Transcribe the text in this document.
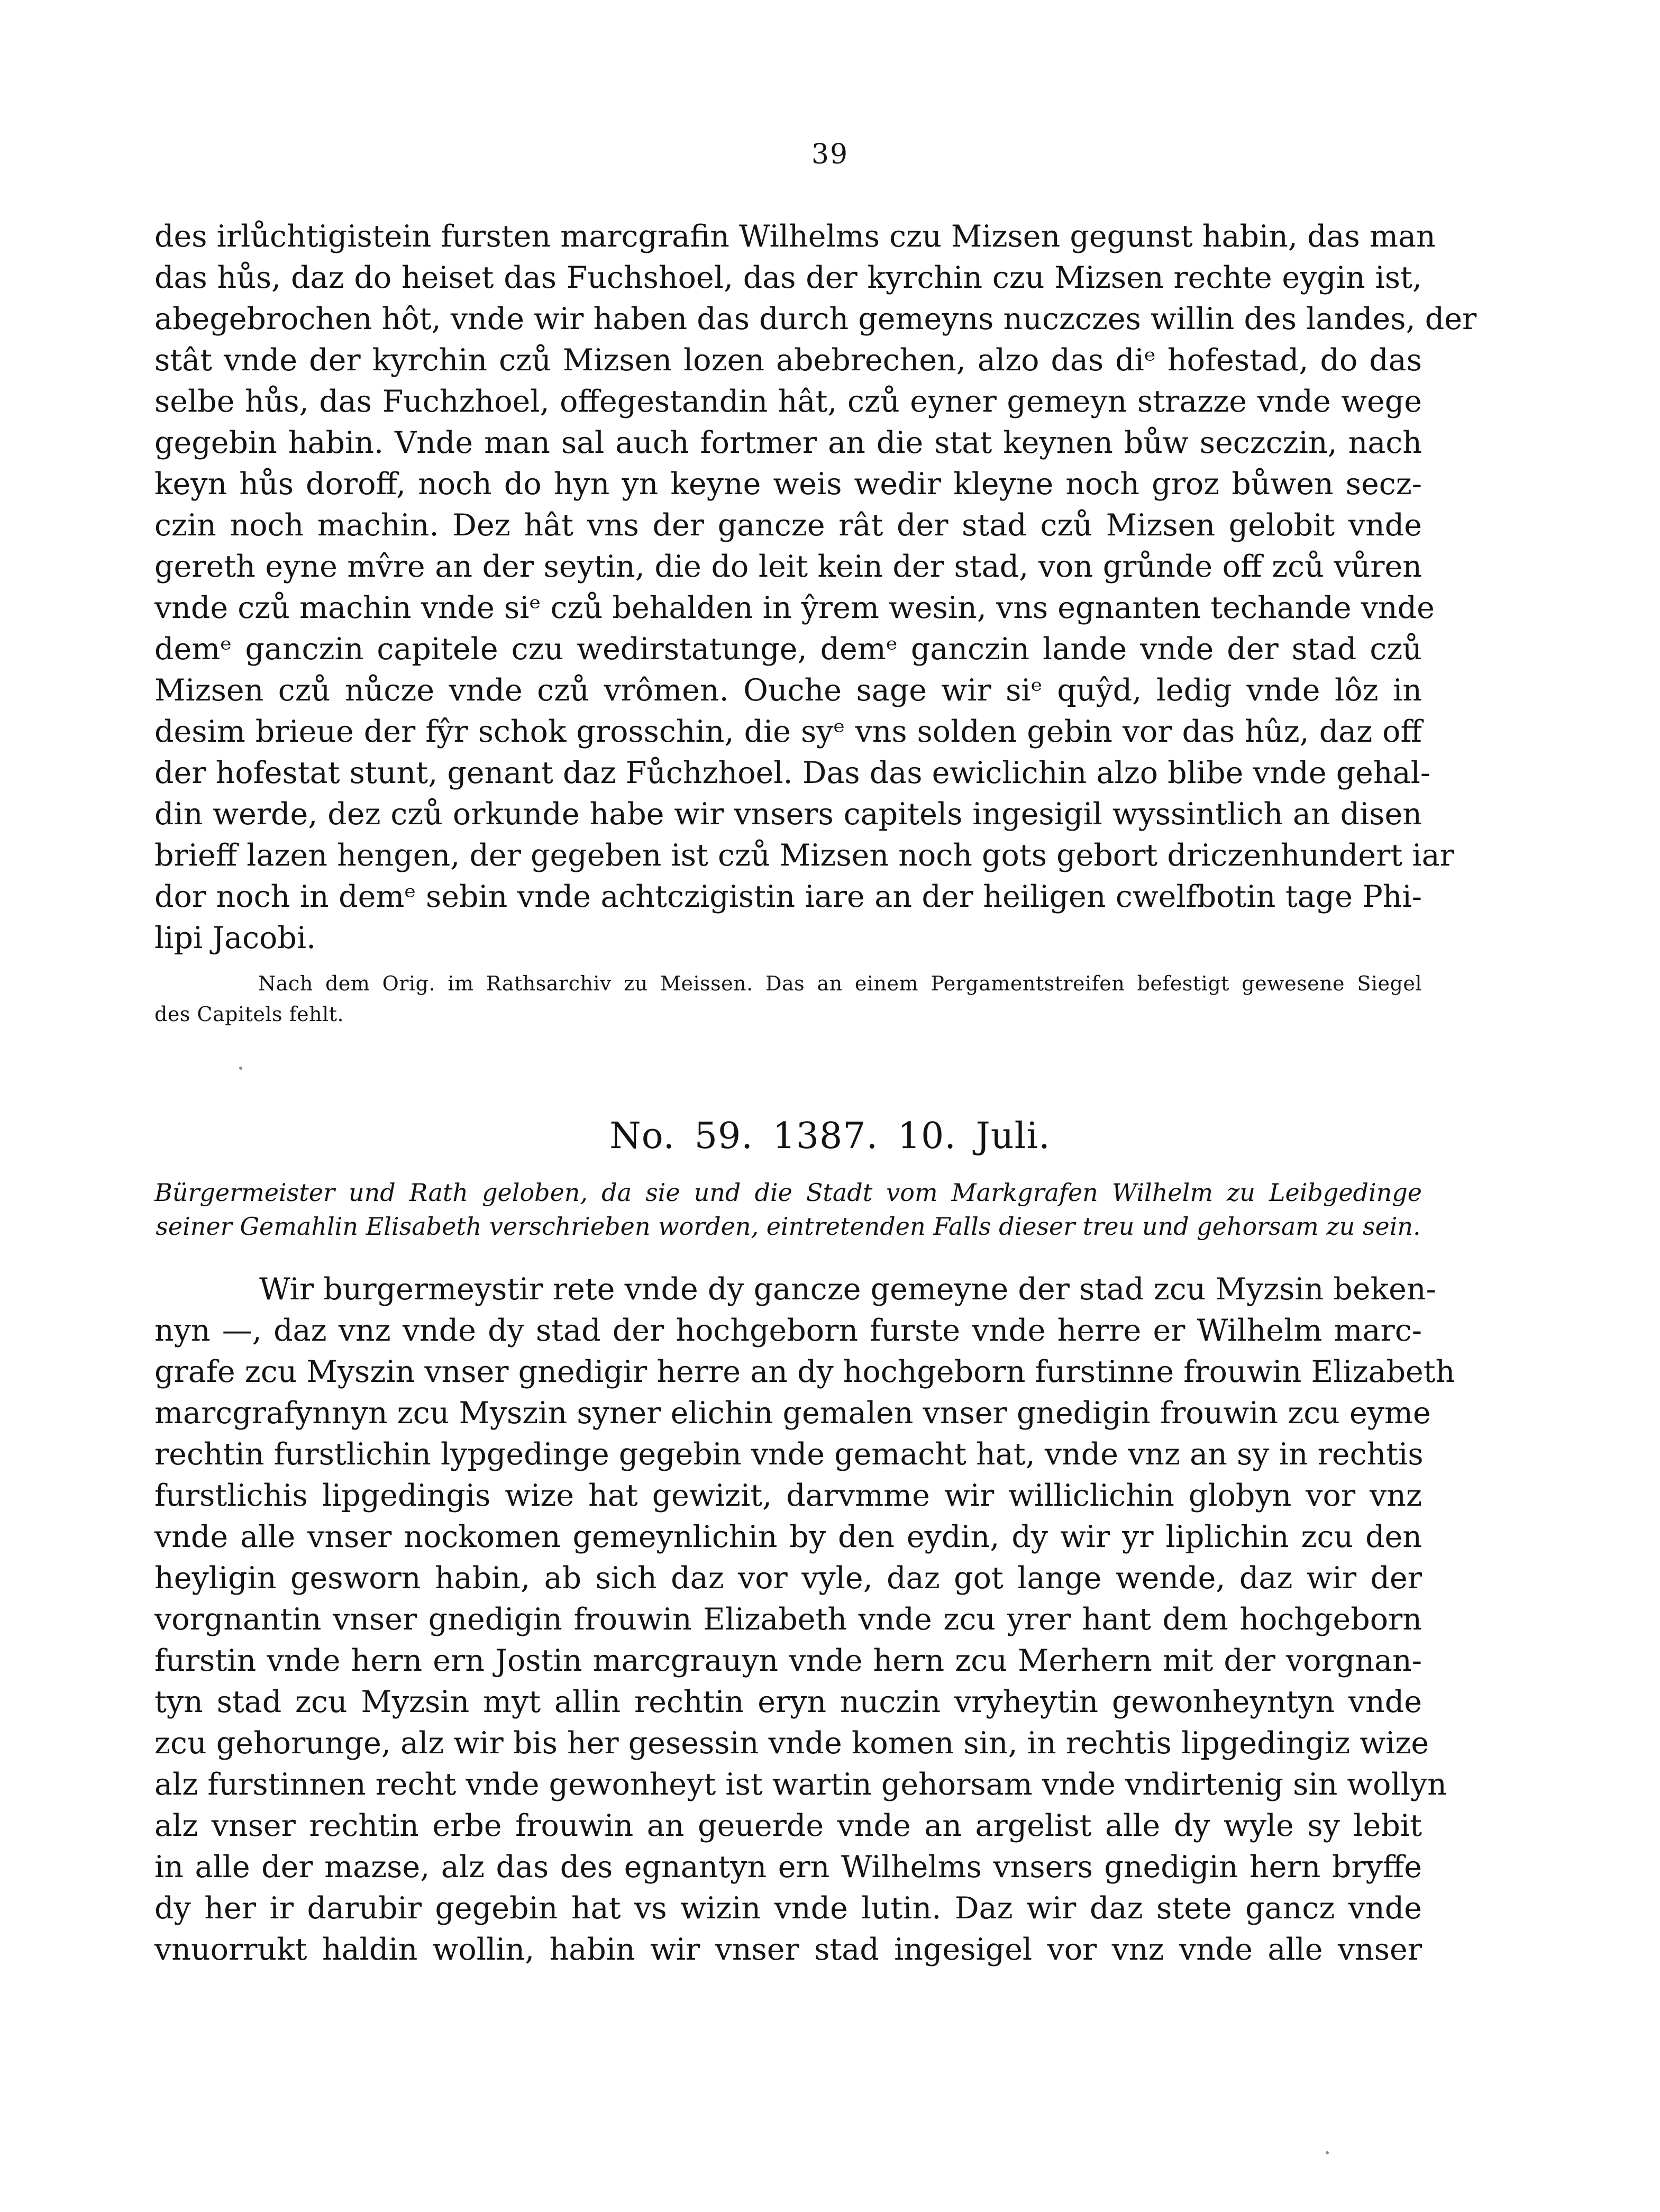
39
des irlůchtigistein fursten marcgrafin Wilhelms czu Mizsen gegunst habin, das man
das hůs, daz do heiset das Fuchshoel, das der kyrchin czu Mizsen rechte eygin ist,
abegebrochen hôt, vnde wir haben das durch gemeyns nuczczes willin des landes, der
stât vnde der kyrchin czů Mizsen lozen abebrechen, alzo das diᵉ hofestad, do das
selbe hůs, das Fuchzhoel, offegestandin hât, czů eyner gemeyn strazze vnde wege
gegebin habin. Vnde man sal auch fortmer an die stat keynen bůw seczczin, nach
keyn hůs doroff, noch do hyn yn keyne weis wedir kleyne noch groz bůwen secz-
czin noch machin. Dez hât vns der gancze rât der stad czů Mizsen gelobit vnde
gereth eyne mv̂re an der seytin, die do leit kein der stad, von grůnde off zců vůren
vnde czů machin vnde siᵉ czů behalden in ŷrem wesin, vns egnanten techande vnde
demᵉ ganczin capitele czu wedirstatunge, demᵉ ganczin lande vnde der stad czů
Mizsen czů nůcze vnde czů vrômen. Ouche sage wir siᵉ quŷd, ledig vnde lôz in
desim brieue der fŷr schok grosschin, die syᵉ vns solden gebin vor das hûz, daz off
der hofestat stunt, genant daz Fůchzhoel. Das das ewiclichin alzo blibe vnde gehal-
din werde, dez czů orkunde habe wir vnsers capitels ingesigil wyssintlich an disen
brieff lazen hengen, der gegeben ist czů Mizsen noch gots gebort driczenhundert iar
dor noch in demᵉ sebin vnde achtczigistin iare an der heiligen cwelfbotin tage Phi-
lipi Jacobi.
Nach dem Orig. im Rathsarchiv zu Meissen. Das an einem Pergamentstreifen befestigt gewesene Siegel
des Capitels fehlt.
No. 59. 1387. 10. Juli.
Bürgermeister und Rath geloben, da sie und die Stadt vom Markgrafen Wilhelm zu Leibgedinge
seiner Gemahlin Elisabeth verschrieben worden, eintretenden Falls dieser treu und gehorsam zu sein.
Wir burgermeystir rete vnde dy gancze gemeyne der stad zcu Myzsin beken-
nyn —, daz vnz vnde dy stad der hochgeborn furste vnde herre er Wilhelm marc-
grafe zcu Myszin vnser gnedigir herre an dy hochgeborn furstinne frouwin Elizabeth
marcgrafynnyn zcu Myszin syner elichin gemalen vnser gnedigin frouwin zcu eyme
rechtin furstlichin lypgedinge gegebin vnde gemacht hat, vnde vnz an sy in rechtis
furstlichis lipgedingis wize hat gewizit, darvmme wir williclichin globyn vor vnz
vnde alle vnser nockomen gemeynlichin by den eydin, dy wir yr liplichin zcu den
heyligin gesworn habin, ab sich daz vor vyle, daz got lange wende, daz wir der
vorgnantin vnser gnedigin frouwin Elizabeth vnde zcu yrer hant dem hochgeborn
furstin vnde hern ern Jostin marcgrauyn vnde hern zcu Merhern mit der vorgnan-
tyn stad zcu Myzsin myt allin rechtin eryn nuczin vryheytin gewonheyntyn vnde
zcu gehorunge, alz wir bis her gesessin vnde komen sin, in rechtis lipgedingiz wize
alz furstinnen recht vnde gewonheyt ist wartin gehorsam vnde vndirtenig sin wollyn
alz vnser rechtin erbe frouwin an geuerde vnde an argelist alle dy wyle sy lebit
in alle der mazse, alz das des egnantyn ern Wilhelms vnsers gnedigin hern bryffe
dy her ir darubir gegebin hat vs wizin vnde lutin. Daz wir daz stete gancz vnde
vnuorrukt haldin wollin, habin wir vnser stad ingesigel vor vnz vnde alle vnser
